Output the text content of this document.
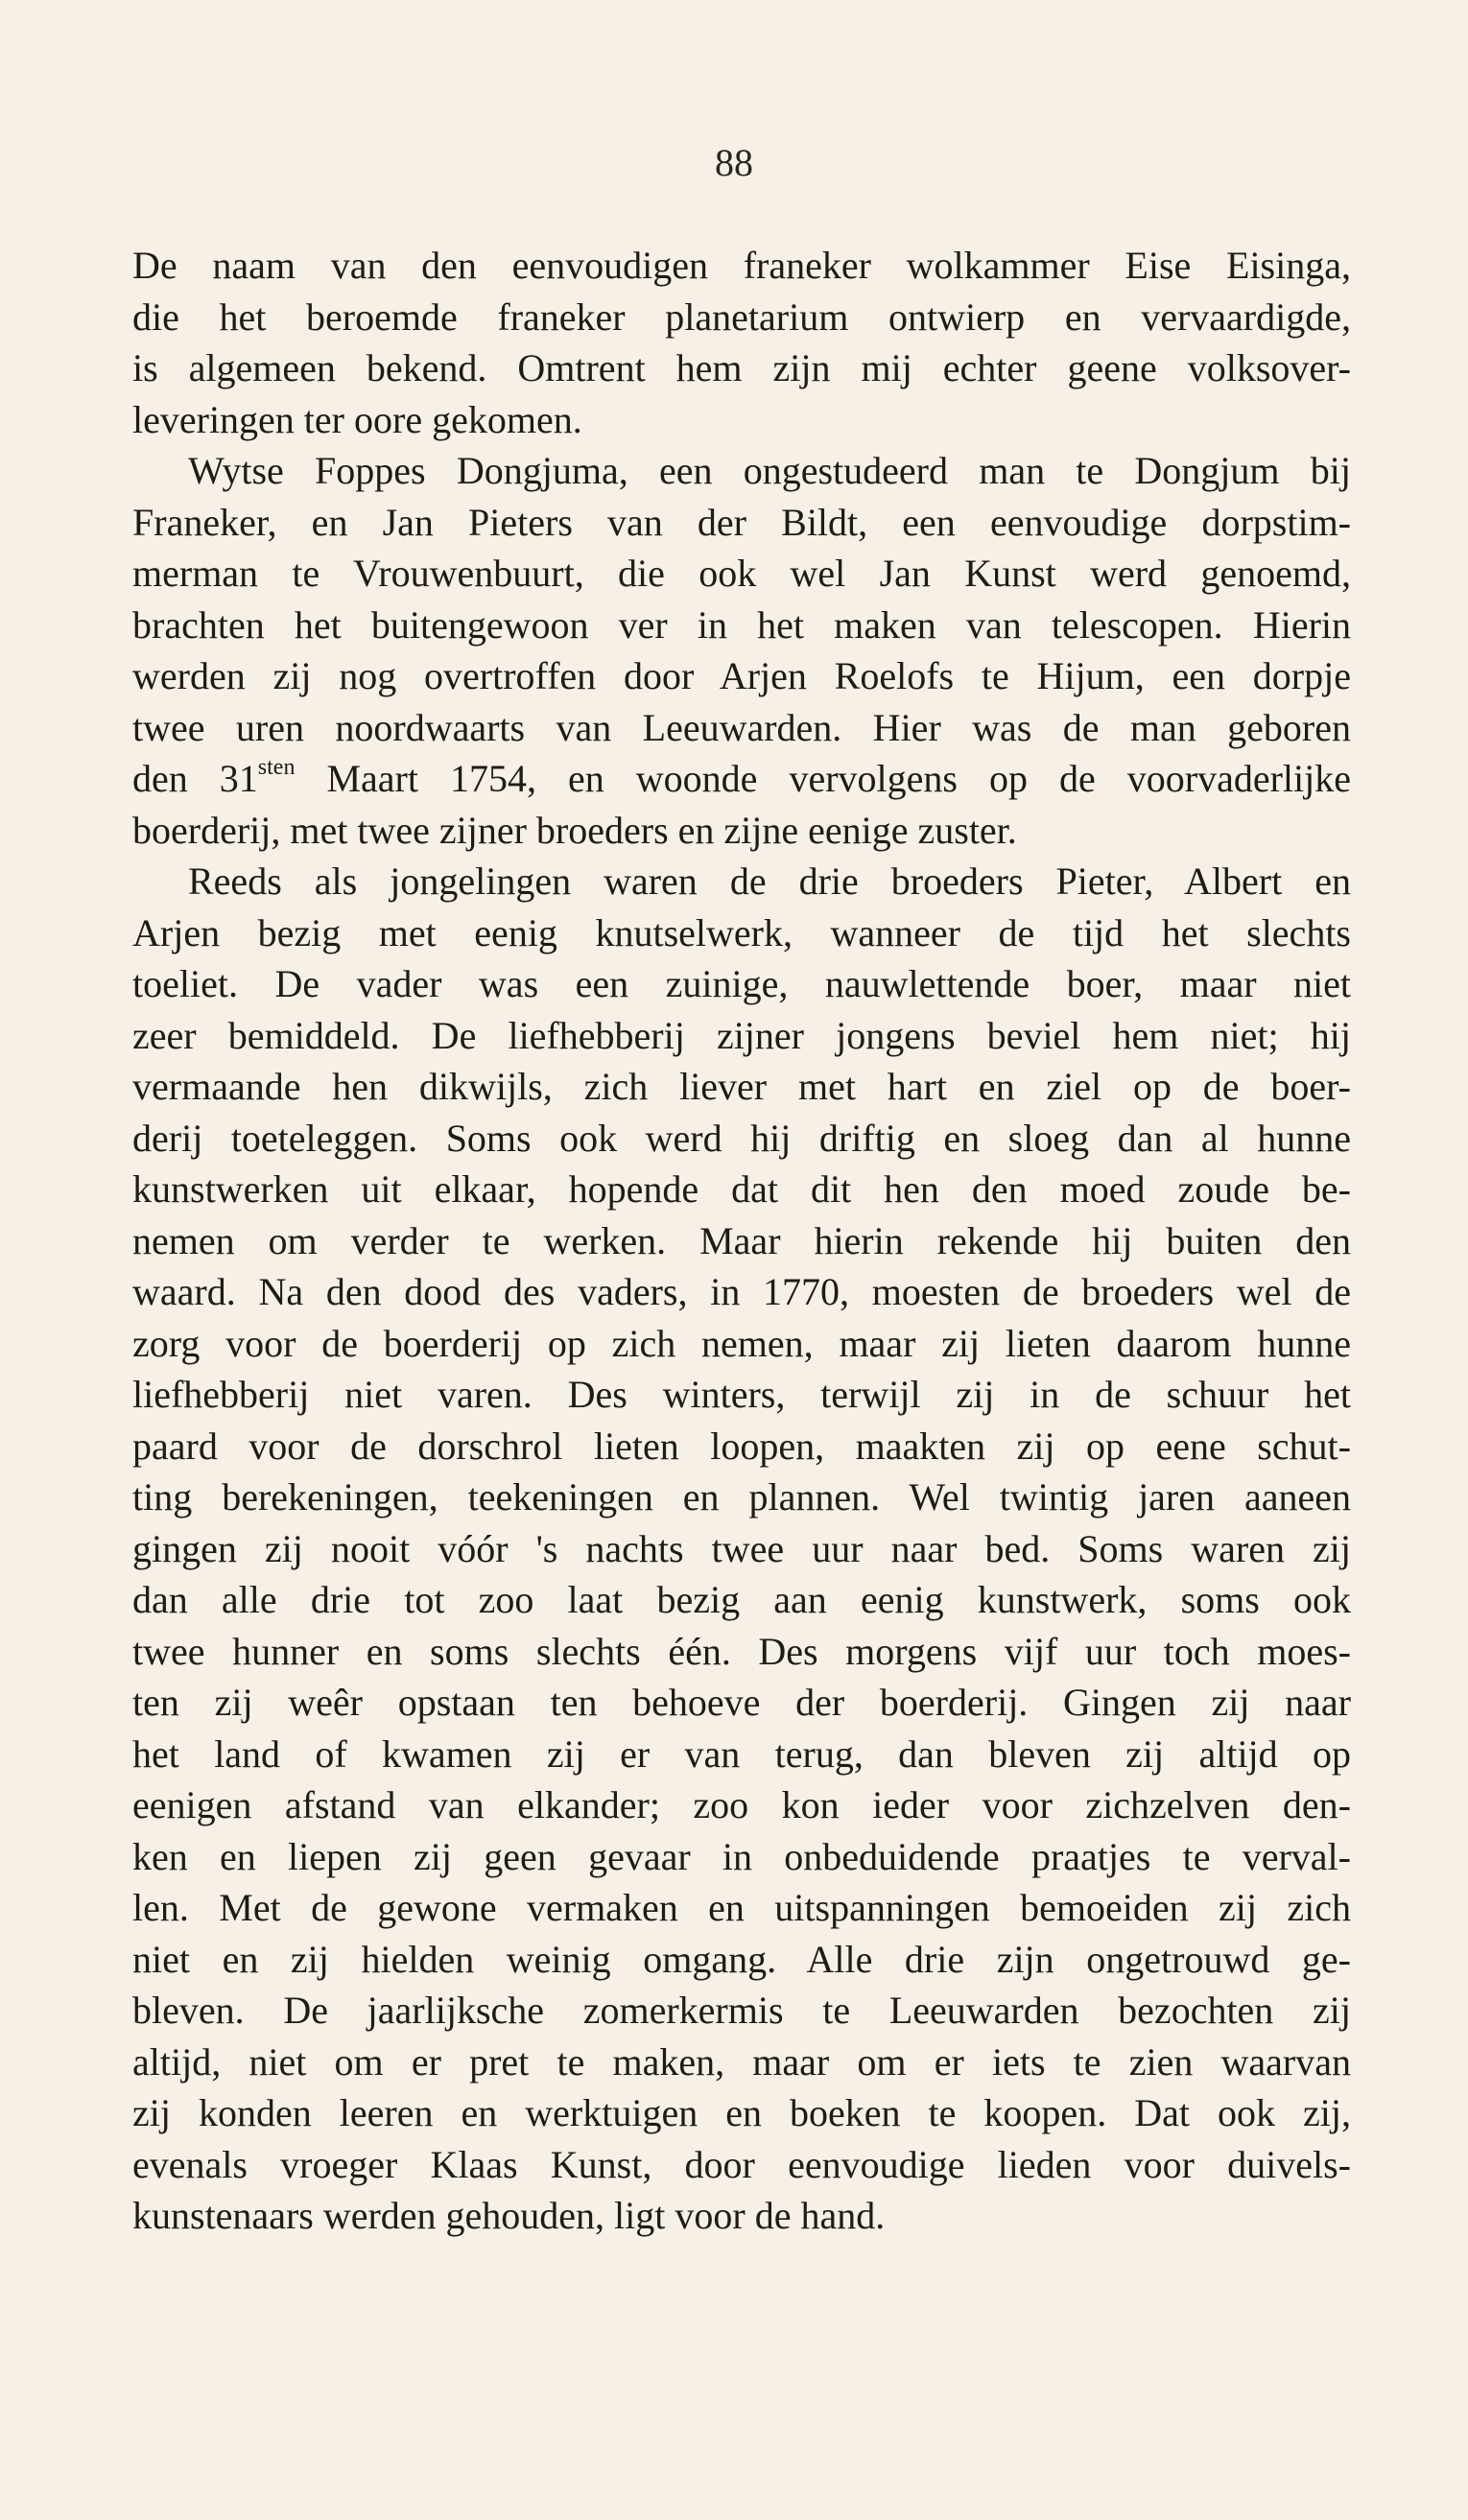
88
De naam van den eenvoudigen franeker wolkammer Eise Eisinga,
die het beroemde franeker planetarium ontwierp en vervaardigde,
is algemeen bekend. Omtrent hem zijn mij echter geene volksover-
leveringen ter oore gekomen.
Wytse Foppes Dongjuma, een ongestudeerd man te Dongjum bij
Franeker, en Jan Pieters van der Bildt, een eenvoudige dorpstim-
merman te Vrouwenbuurt, die ook wel Jan Kunst werd genoemd,
brachten het buitengewoon ver in het maken van telescopen. Hierin
werden zij nog overtroffen door Arjen Roelofs te Hijum, een dorpje
twee uren noordwaarts van Leeuwarden. Hier was de man geboren
den $31^{sten}$ Maart 1754, en woonde vervolgens op de voorvaderlijke
boerderij, met twee zijner broeders en zijne eenige zuster.
Reeds als jongelingen waren de drie broeders Pieter, Albert en
Arjen bezig met eenig knutselwerk, wanneer de tijd het slechts
toeliet. De vader was een zuinige, nauwlettende boer, maar niet
zeer bemiddeld. De liefhebberij zijner jongens beviel hem niet; hij
vermaande hen dikwijls, zich liever met hart en ziel op de boer-
derij toeteleggen. Soms ook werd hij driftig en sloeg dan al hunne
kunstwerken uit elkaar, hopende dat dit hen den moed zoude be-
nemen om verder te werken. Maar hierin rekende hij buiten den
waard. Na den dood des vaders, in 1770, moesten de broeders wel de
zorg voor de boerderij op zich nemen, maar zij lieten daarom hunne
liefhebberij niet varen. Des winters, terwijl zij in de schuur het
paard voor de dorschrol lieten loopen, maakten zij op eene schut-
ting berekeningen, teekeningen en plannen. Wel twintig jaren aaneen
gingen zij nooit vóór 's nachts twee uur naar bed. Soms waren zij
dan alle drie tot zoo laat bezig aan eenig kunstwerk, soms ook
twee hunner en soms slechts één. Des morgens vijf uur toch moes-
ten zij weêr opstaan ten behoeve der boerderij. Gingen zij naar
het land of kwamen zij er van terug, dan bleven zij altijd op
eenigen afstand van elkander; zoo kon ieder voor zichzelven den-
ken en liepen zij geen gevaar in onbeduidende praatjes te verval-
len. Met de gewone vermaken en uitspanningen bemoeiden zij zich
niet en zij hielden weinig omgang. Alle drie zijn ongetrouwd ge-
bleven. De jaarlijksche zomerkermis te Leeuwarden bezochten zij
altijd, niet om er pret te maken, maar om er iets te zien waarvan
zij konden leeren en werktuigen en boeken te koopen. Dat ook zij,
evenals vroeger Klaas Kunst, door eenvoudige lieden voor duivels-
kunstenaars werden gehouden, ligt voor de hand.
